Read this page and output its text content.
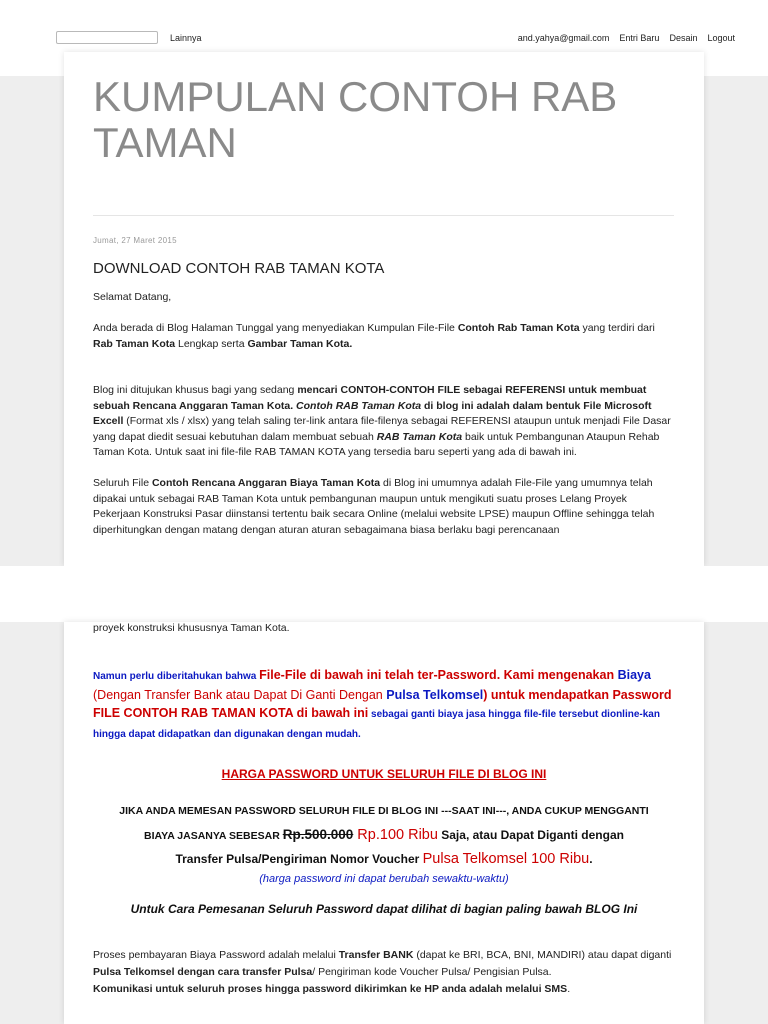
Lainnya	and.yahya@gmail.com Entri Baru Desain Logout
KUMPULAN CONTOH RAB TAMAN
Jumat, 27 Maret 2015
DOWNLOAD CONTOH RAB TAMAN KOTA

Selamat Datang,

Anda berada di Blog Halaman Tunggal yang menyediakan Kumpulan File-File Contoh Rab Taman Kota yang terdiri dari Rab Taman Kota Lengkap serta Gambar Taman Kota.

Blog ini ditujukan khusus bagi yang sedang mencari CONTOH-CONTOH FILE sebagai REFERENSI untuk membuat sebuah Rencana Anggaran Taman Kota. Contoh RAB Taman Kota di blog ini adalah dalam bentuk File Microsoft Excell (Format xls / xlsx) yang telah saling ter-link antara file-filenya sebagai REFERENSI ataupun untuk menjadi File Dasar yang dapat diedit sesuai kebutuhan dalam membuat sebuah RAB Taman Kota baik untuk Pembangunan Ataupun Rehab Taman Kota. Untuk saat ini file-file RAB TAMAN KOTA yang tersedia baru seperti yang ada di bawah ini.

Seluruh File Contoh Rencana Anggaran Biaya Taman Kota di Blog ini umumnya adalah File-File yang umumnya telah dipakai untuk sebagai RAB Taman Kota untuk pembangunan maupun untuk mengikuti suatu proses Lelang Proyek Pekerjaan Konstruksi Pasar diinstansi tertentu baik secara Online (melalui website LPSE) maupun Offline sehingga telah diperhitungkan dengan matang dengan aturan aturan sebagaimana biasa berlaku bagi perencanaan

proyek konstruksi khususnya Taman Kota.
Namun perlu diberitahukan bahwa File-File di bawah ini telah ter-Password. Kami mengenakan Biaya (Dengan Transfer Bank atau Dapat Di Ganti Dengan Pulsa Telkomsel) untuk mendapatkan Password FILE CONTOH RAB TAMAN KOTA di bawah ini sebagai ganti biaya jasa hingga file-file tersebut dionline-kan hingga dapat didapatkan dan digunakan dengan mudah.
HARGA PASSWORD UNTUK SELURUH FILE DI BLOG INI
JIKA ANDA MEMESAN PASSWORD SELURUH FILE DI BLOG INI ---SAAT INI---, ANDA CUKUP MENGGANTI
BIAYA JASANYA SEBESAR Rp.500.000 Rp.100 Ribu Saja, atau Dapat Diganti dengan
Transfer Pulsa/Pengiriman Nomor Voucher Pulsa Telkomsel 100 Ribu.
(harga password ini dapat berubah sewaktu-waktu)
Untuk Cara Pemesanan Seluruh Password dapat dilihat di bagian paling bawah BLOG Ini
Proses pembayaran Biaya Password adalah melalui Transfer BANK (dapat ke BRI, BCA, BNI, MANDIRI) atau dapat diganti Pulsa Telkomsel dengan cara transfer Pulsa/ Pengiriman kode Voucher Pulsa/ Pengisian Pulsa.
Komunikasi untuk seluruh proses hingga password dikirimkan ke HP anda adalah melalui SMS.
